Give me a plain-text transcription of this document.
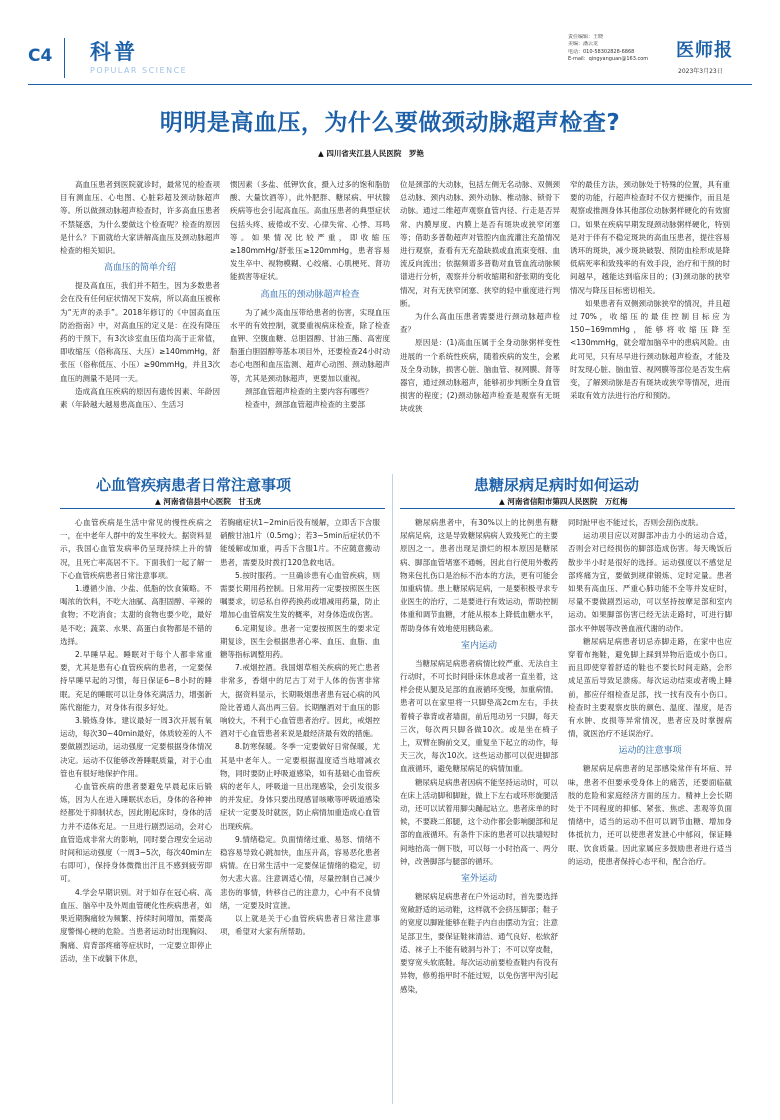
C4 科普
POPULAR SCIENCE
责任编辑：王晓
美编：潘云龙
电话：010-58302828-6868
E-mail：qingyanguan@163.com	医师报
2023年3月23日
明明是高血压，为什么要做颈动脉超声检查?
▲ 四川省夹江县人民医院　罗艳

高血压患者到医院就诊时，最常见的检查项目有测血压、心电图、心脏彩超及颈动脉超声等。所以做颈动脉超声检查时，许多高血压患者不禁疑惑，为什么要做这个检查呢？检查的原因是什么？下面就给大家讲解高血压及颈动脉超声检查的相关知识。

高血压的简单介绍

提及高血压，我们并不陌生，因为多数患者会在没有任何症状情况下发病，所以高血压被称为“无声的杀手”。2018年修订的《中国高血压防治指南》中，对高血压的定义是：在没有降压药的干预下，有3次诊室血压值均高于正常值，即收缩压（俗称高压、大压）≥140mmHg，舒张压（俗称低压、小压）≥90mmHg，并且3次血压的测量不是同一天。

造成高血压疾病的原因有遗传因素、年龄因素（年龄越大越易患高血压）、生活习

惯因素（多盐、低钾饮食，摄入过多的饱和脂肪酸、大量饮酒等），此外肥胖、糖尿病、甲状腺疾病等也会引起高血压。高血压患者的典型症状包括头疼、疲倦或不安、心律失常、心悸、耳鸣等。如果情况比较严重，即收缩压≥180mmHg/舒张压≥120mmHg，患者容易发生卒中、视物模糊、心绞痛、心肌梗死、肾功能损害等症状。

高血压的颈动脉超声检查

为了减少高血压带给患者的伤害，实现血压水平的有效控制，就要重视病床检查，除了检查血钾、空腹血糖、总胆固醇、甘油三酯、高密度脂蛋白胆固醇等基本项目外，还要检查24小时动态心电图和血压监测、超声心动图、颈动脉超声等，尤其是颈动脉超声，更要加以重视。

颈部血管超声检查的主要内容有哪些？

检查中，颈部血管超声检查的主要部

位是颈部的大动脉，包括左侧无名动脉、双侧颈总动脉、颈内动脉、颈外动脉、椎动脉、锁骨下动脉。通过二维超声观察血管内径、行走是否异常、内膜厚度、内膜上是否有斑块或狭窄闭塞等；借助多普勒超声对管腔内血流灌注充盈情况进行观察，查看有无充盈缺损或血流束变细、血流反向流出；依据频谱多普勒对血管血流动脉频谱进行分析，观察并分析收缩期和舒张期的变化情况，对有无狭窄闭塞、狭窄的轻中重度进行判断。

为什么高血压患者需要进行颈动脉超声检查？

原因是：(1)高血压属于全身动脉粥样变性进展的一个系统性疾病，随着疾病的发生，会累及全身动脉，损害心脏、脑血管、视网膜、肾等器官，通过颈动脉超声，能够初步判断全身血管损害的程度；(2)颈动脉超声检查是观察有无斑块或狭

窄的最佳方法，颈动脉处于特殊的位置，具有重要的功能，行超声检查时不仅方便操作，而且是观察或推测身体其他部位动脉粥样硬化的有效窗口。如果在疾病早期发现颈动脉粥样硬化，特别是对于伴有不稳定斑块的高血压患者，提往容易诱环的斑块，减少斑块破裂、预防血栓形成是降低病死率和致残率的有效手段，治疗和干预的时间越早，越能达到临床目的；(3)颈动脉的狭窄情况与降压目标密切相关。

如果患者有双侧颈动脉狭窄的情况，并且超过70%，收缩压的最佳控制目标应为150~169mmHg，能够将收缩压降至<130mmHg，就会增加脑卒中的患病风险。由此可见，只有尽早进行颈动脉超声检查，才能及时发现心脏、脑血管、视网膜等部位是否发生病变，了解颈动脉是否有斑块或狭窄等情况，进而采取有效方法进行治疗和预防。

心血管疾病患者日常注意事项	患糖尿病足病时如何运动
▲ 河南省信县中心医院　甘玉虎	▲ 河南省信阳市第四人民医院　万红梅

心血管疾病是生活中常见的慢性疾病之一，在中老年人群中的发生率较大。据资料显示，我国心血管发病率仍呈现持续上升的情况，且死亡率高居不下。下面我们一起了解一下心血管疾病患者日常注意事项。

1.遵循少油、少盐、低脂的饮食策略。不喝浓的饮料，不吃大油腻、高胆固醇、辛辣的食物；不吃消食；太甜的食物也要少吃，最好是不吃；蔬菜、水果、高蛋白食物都是不错的选择。

2.早睡早起。睡眠对于每个人都非常重要，尤其是患有心血管疾病的患者，一定要保持早睡早起的习惯，每日保证6~8小时的睡眠。充足的睡眠可以让身体充满活力，增强新陈代谢能力，对身体有很多好处。

3.锻炼身体。建议最好一周3次开展有氧运动，每次30~40min最好，体质较差的人不要做剧烈运动，运动强度一定要根据身体情况决定。运动不仅能够改善睡眠质量，对于心血管也有很好地保护作用。

心血管疾病的患者要避免早晨起床后锻炼，因为人在进入睡眠状态后，身体的各种神经都处于抑制状态，因此刚起床时，身体的活力并不适体充足。一旦进行剧烈运动，会对心血管造成非常大的影响，同时要合理安全运动时间和运动强度（一周3~5次，每次40min左右即可），保持身体微微出汗且不感到疲劳即可。

4.学会早期识别。对于如存在冠心病、高血压、脑卒中及外周血管硬化性疾病患者，如果近期胸痛较为频繁、持续时间增加，需要高度警惕心梗的危险。当患者运动时出现胸闷、胸痛、肩背部疼痛等症状时，一定要立即停止活动，坐下或躺下休息，

若胸痛症状1~2min后没有缓解，立即舌下含服硝酸甘油1片（0.5mg）；若3~5min后症状仍不能缓解或加重，再舌下含服1片。不应随意搬动患者，需要及时拨打120急救电话。

5.按时服药。一旦确诊患有心血管疾病，则需要长期用药控制。日常用药一定要按照医生医嘱要求，切忌私自停药换药或增减用药量，防止增加心血管病发生发的概率，对身体造成伤害。

6.定期复诊。患者一定要按照医生的要求定期复诊，医生会根据患者心率、血压、血脂、血糖等指标调整用药。

7.戒烟控酒。我国烟草相关疾病的死亡患者非常多，香烟中的尼古丁对于人体的伤害非常大，据资料显示，长期吸烟患者患有冠心病的风险比普通人高出两三倍。长期酗酒对于血压的影响较大，不利于心血管患者治疗。因此，戒烟控酒对于心血管患者来说是最经济最有效的措施。

8.防寒保暖。冬季一定要做好日常保暖，尤其是中老年人。一定要根据温度适当地增减衣物，同时要防止呼吸道感染，如有基础心血管疾病的老年人，呼吸道一旦出现感染，会引发很多的并发症。身体只要出现感冒咳嗽等呼吸道感染症状一定要及时就医，防止病情加重造成心血管出现疾病。

9.情绪稳定。负面情绪过重、易怒、情绪不稳容易导致心跳加快，血压升高，容易恶化患者病情。在日常生活中一定要保证情绪的稳定，切勿大悲大喜。注意调适心情，尽量控制自己减少悲伤的事情，转移自己的注意力，心中有不良情绪，一定要及时宣泄。

以上就是关于心血管疾病患者日常注意事项，希望对大家有所帮助。

糖尿病患者中，有30%以上的比例患有糖尿病足病，这是导致糖尿病病人致残死亡的主要原因之一。患者出现足溃烂的根本原因是糖尿病、脚部血管堵塞不通畅，因此自行使用外敷药物来包扎伤口是治标不治本的方法，更有可能会加重病情。患上糖尿病足病，一是要积极寻求专业医生的治疗，二是要进行有效运动，帮助控制体重和调节血糖，才能从根本上降低血糖水平，帮助身体有效地使用胰岛素。

室内运动

当糖尿病足病患者病情比较严重、无法自主行动时，不可长时间卧床休息或者一直坐着，这样会使从腿及足部的血液循环变慢，加重病情。患者可以在家里将一只脚垫高2cm左右，手扶着椅子靠背或者墙面，前后甩动另一只脚，每天三次，每次两只脚各做10次。或是坐在椅子上，双臂在胸前交叉，重复坐下起立的动作，每天三次，每次10次。这些运动都可以促进脚部血液循环，避免糖尿病足的病情加重。

糖尿病足病患者因病不能坚持运动时，可以在床上活动脚和脚趾，做上下左右或环形旋腿活动，还可以试着用脚尖蹦起站立。患者床单的时候，不要跷二郎腿，这个动作都会影响腿部和足部的血液循环。有条件下床的患者可以扶墙短时间地抬高一侧下肢，可以每一小时抬高一、两分钟，改善脚部与腿部的循环。

室外运动

糖尿病足病患者在户外运动时，首先要选择宽敞舒适的运动鞋，这样就不会挤压脚部；鞋子的宽度以脚趾能够在鞋子内自由摆动为宜；注意足部卫生，要保证鞋袜清洁、通气良好、松软舒适、袜子上不能有破洞与补丁；不可以穿皮鞋，要穿宽头软底鞋。每次运动前要检查鞋内有没有异物，修剪指甲时不能过短，以免伤害甲沟引起感染，

同时趾甲也不能过长，否则会刮伤皮肤。

运动项目应以对脚部冲击力小的运动合适，否则会对已经损伤的脚部造成伤害。每天晚饭后散步半小时是很好的选择。运动强度以不感觉足部疼痛为宜，要做到规律锻炼、定时定量。患者如果有高血压、严重心肺功能不全等并发症时，尽量不要做剧烈运动，可以坚持按摩足部和室内运动。如果脚部伤害已经无法走路时，可进行脚部水平伸展等改善血液代谢的动作。

糖尿病足病患者切忌赤脚走路，在家中也应穿着布拖鞋，避免脚上踩到异物后造成小伤口。而且即使穿着舒适的鞋也不要长时间走路，会形成足茧后导致足溃疡。每次运动结束或者晚上睡前，都应仔细检查足部，找一找有没有小伤口。检查时主要观察皮肤的颜色、温度、湿度，是否有水肿、皮损等异常情况，患者应及时掌握病情，就医治疗不延误治疗。

运动的注意事项

糖尿病足病患者的足部感染常伴有坏疽、异味，患者不但要承受身体上的痛苦，还要面临截肢的危险和家庭经济方面的压力。精神上会长期处于不同程度的抑郁、紧张、焦虑、悲观等负面情绪中，适当的运动不但可以调节血糖、增加身体抵抗力，还可以使患者发泄心中郁闷，保证睡眠、饮食质量。因此家属应多鼓励患者进行适当的运动，使患者保持心态平和，配合治疗。
